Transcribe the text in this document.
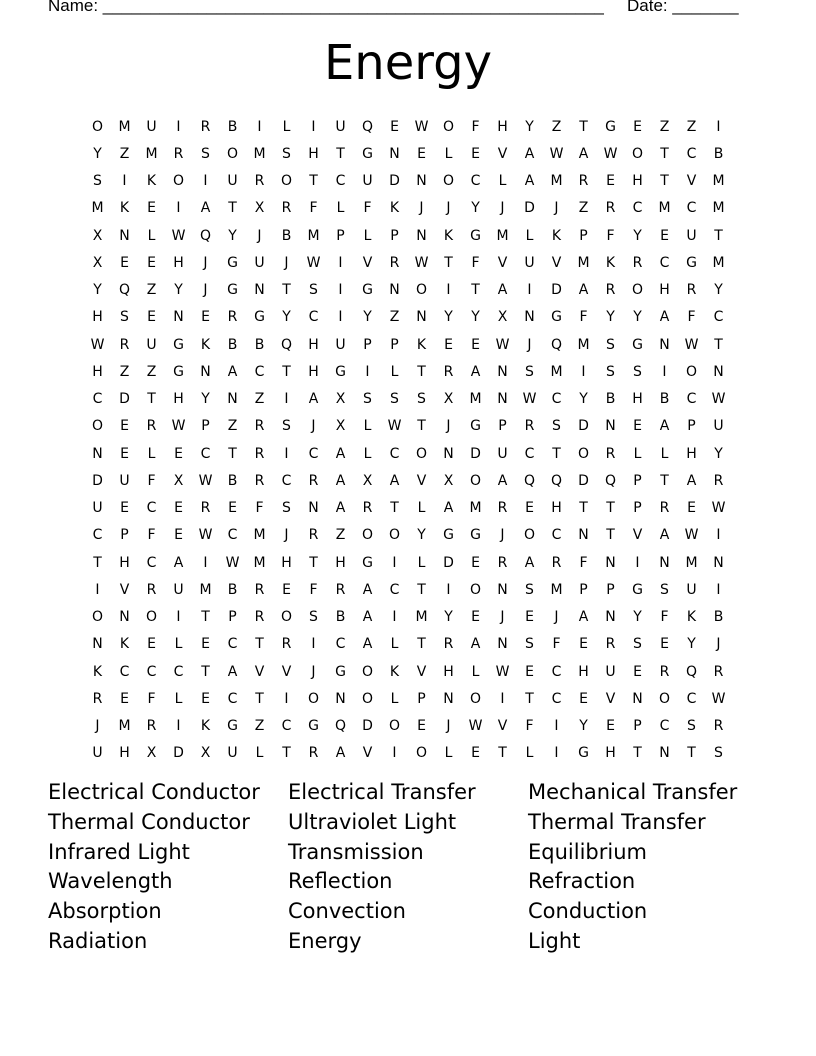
Name: _____________________________________________________ Date: _______
Energy
O	M	U	I	R	B	I	L	I	U	Q	E	W	O	F	H	Y	Z	T	G	E	Z	Z	I
Y	Z	M	R	S	O	M	S	H	T	G	N	E	L	E	V	A	W	A	W	O	T	C	B
S	I	K	O	I	U	R	O	T	C	U	D	N	O	C	L	A	M	R	E	H	T	V	M
M	K	E	I	A	T	X	R	F	L	F	K	J	J	Y	J	D	J	Z	R	C	M	C	M
X	N	L	W	Q	Y	J	B	M	P	L	P	N	K	G	M	L	K	P	F	Y	E	U	T
X	E	E	H	J	G	U	J	W	I	V	R	W	T	F	V	U	V	M	K	R	C	G	M
Y	Q	Z	Y	J	G	N	T	S	I	G	N	O	I	T	A	I	D	A	R	O	H	R	Y
H	S	E	N	E	R	G	Y	C	I	Y	Z	N	Y	Y	X	N	G	F	Y	Y	A	F	C
W	R	U	G	K	B	B	Q	H	U	P	P	K	E	E	W	J	Q	M	S	G	N	W	T
H	Z	Z	G	N	A	C	T	H	G	I	L	T	R	A	N	S	M	I	S	S	I	O	N
C	D	T	H	Y	N	Z	I	A	X	S	S	S	X	M	N	W	C	Y	B	H	B	C	W
O	E	R	W	P	Z	R	S	J	X	L	W	T	J	G	P	R	S	D	N	E	A	P	U
N	E	L	E	C	T	R	I	C	A	L	C	O	N	D	U	C	T	O	R	L	L	H	Y
D	U	F	X	W	B	R	C	R	A	X	A	V	X	O	A	Q	Q	D	Q	P	T	A	R
U	E	C	E	R	E	F	S	N	A	R	T	L	A	M	R	E	H	T	T	P	R	E	W
C	P	F	E	W	C	M	J	R	Z	O	O	Y	G	G	J	O	C	N	T	V	A	W	I
T	H	C	A	I	W	M	H	T	H	G	I	L	D	E	R	A	R	F	N	I	N	M	N
I	V	R	U	M	B	R	E	F	R	A	C	T	I	O	N	S	M	P	P	G	S	U	I
O	N	O	I	T	P	R	O	S	B	A	I	M	Y	E	J	E	J	A	N	Y	F	K	B
N	K	E	L	E	C	T	R	I	C	A	L	T	R	A	N	S	F	E	R	S	E	Y	J
K	C	C	C	T	A	V	V	J	G	O	K	V	H	L	W	E	C	H	U	E	R	Q	R
R	E	F	L	E	C	T	I	O	N	O	L	P	N	O	I	T	C	E	V	N	O	C	W
J	M	R	I	K	G	Z	C	G	Q	D	O	E	J	W	V	F	I	Y	E	P	C	S	R
U	H	X	D	X	U	L	T	R	A	V	I	O	L	E	T	L	I	G	H	T	N	T	S
Electrical Conductor	Electrical Transfer	Mechanical Transfer
Thermal Conductor	Ultraviolet Light	Thermal Transfer
Infrared Light	Transmission	Equilibrium
Wavelength	Reflection	Refraction
Absorption	Convection	Conduction
Radiation	Energy	Light
